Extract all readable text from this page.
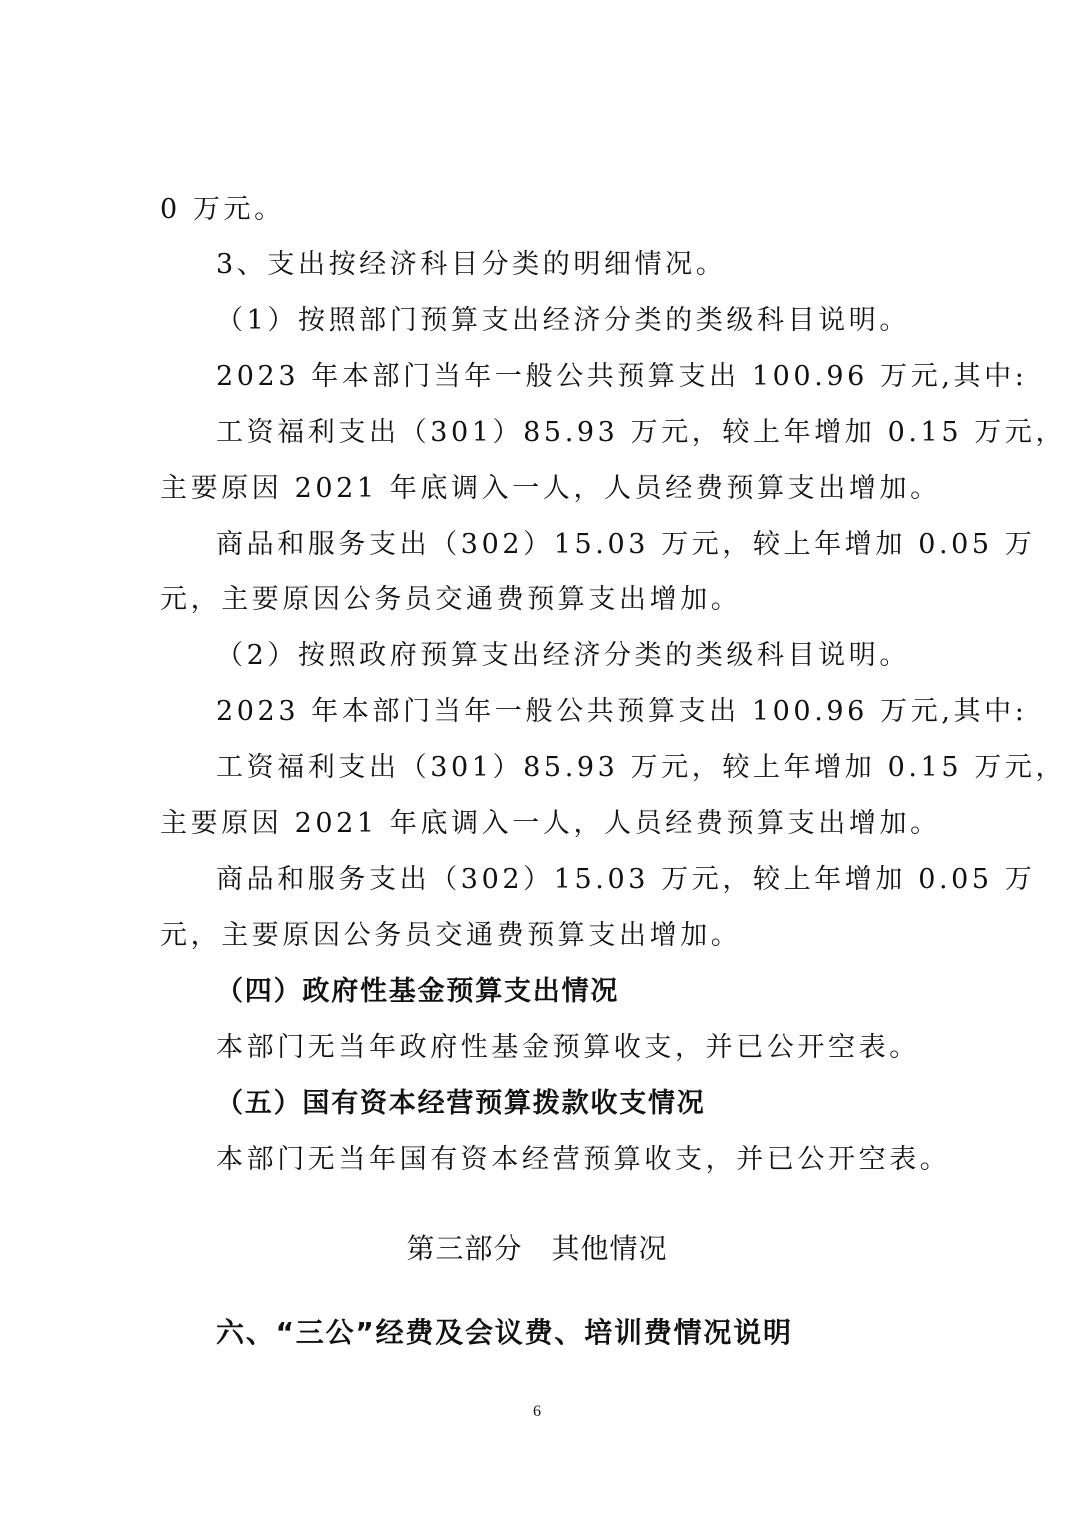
0 万元。
3、支出按经济科目分类的明细情况。
（1）按照部门预算支出经济分类的类级科目说明。
2023 年本部门当年一般公共预算支出 100.96 万元,其中:
工资福利支出（301）85.93 万元，较上年增加 0.15 万元，
主要原因 2021 年底调入一人，人员经费预算支出增加。
商品和服务支出（302）15.03 万元，较上年增加 0.05 万
元，主要原因公务员交通费预算支出增加。
（2）按照政府预算支出经济分类的类级科目说明。
2023 年本部门当年一般公共预算支出 100.96 万元,其中:
工资福利支出（301）85.93 万元，较上年增加 0.15 万元，
主要原因 2021 年底调入一人，人员经费预算支出增加。
商品和服务支出（302）15.03 万元，较上年增加 0.05 万
元，主要原因公务员交通费预算支出增加。
（四）政府性基金预算支出情况
本部门无当年政府性基金预算收支，并已公开空表。
（五）国有资本经营预算拨款收支情况
本部门无当年国有资本经营预算收支，并已公开空表。
第三部分　其他情况
六、“三公”经费及会议费、培训费情况说明
6
